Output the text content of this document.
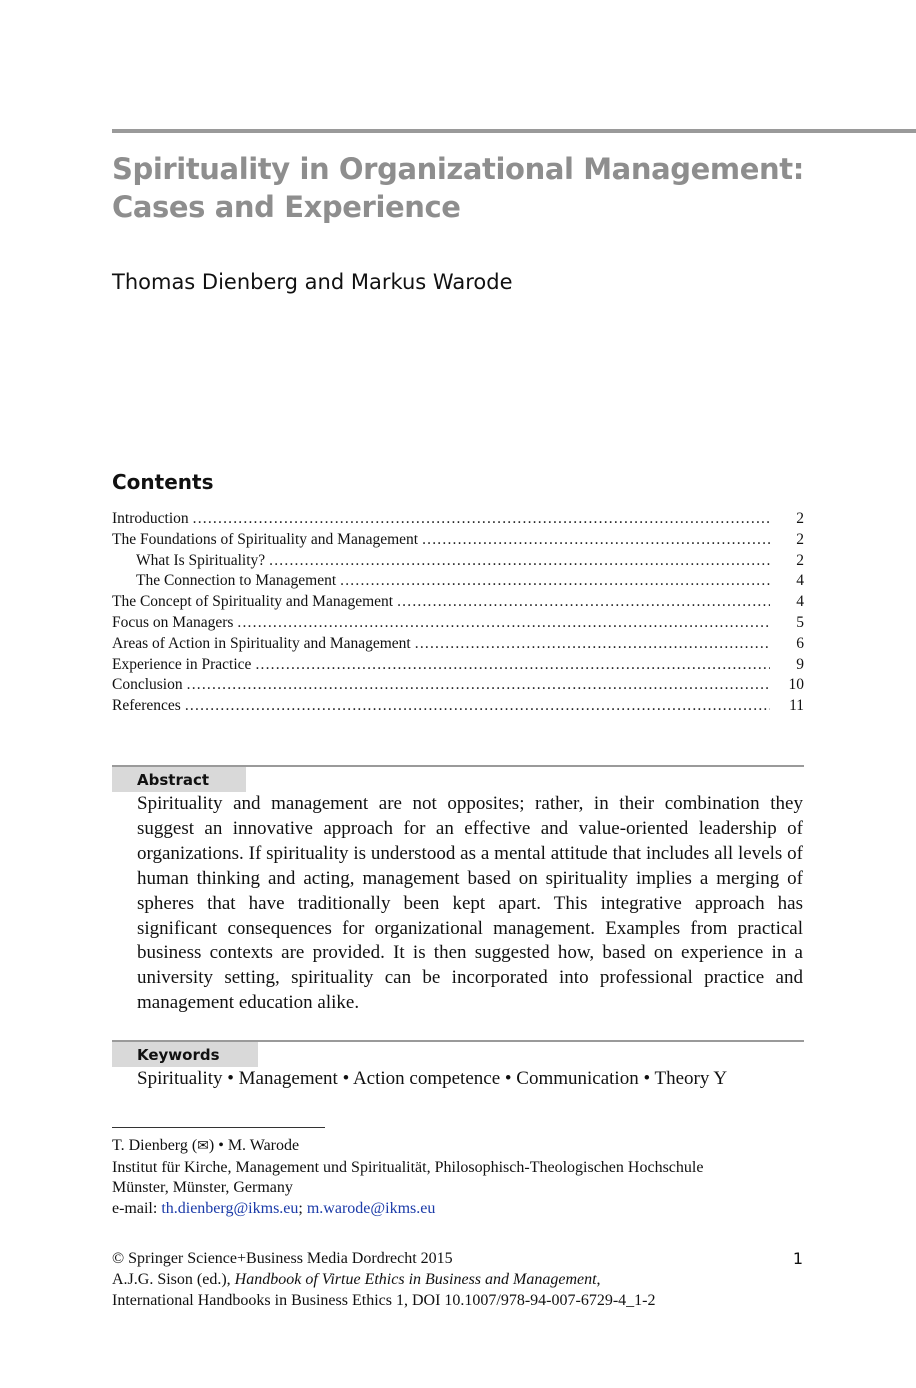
Spirituality in Organizational Management:
Cases and Experience
Thomas Dienberg and Markus Warode
Contents
Introduction .....	2
The Foundations of Spirituality and Management .....	2
What Is Spirituality? .....	2
The Connection to Management .....	4
The Concept of Spirituality and Management .....	4
Focus on Managers .....	5
Areas of Action in Spirituality and Management .....	6
Experience in Practice .....	9
Conclusion .....	10
References .....	11
Abstract
Spirituality and management are not opposites; rather, in their combination they suggest an innovative approach for an effective and value-oriented leadership of organizations. If spirituality is understood as a mental attitude that includes all levels of human thinking and acting, management based on spirituality implies a merging of spheres that have traditionally been kept apart. This integrative approach has significant consequences for organizational management. Examples from practical business contexts are provided. It is then suggested how, based on experience in a university setting, spirituality can be incorporated into professional practice and management education alike.
Keywords
Spirituality • Management • Action competence • Communication • Theory Y
T. Dienberg (✉) • M. Warode
Institut für Kirche, Management und Spiritualität, Philosophisch-Theologischen Hochschule
Münster, Münster, Germany
e-mail: th.dienberg@ikms.eu; m.warode@ikms.eu
© Springer Science+Business Media Dordrecht 2015
A.J.G. Sison (ed.), Handbook of Virtue Ethics in Business and Management,
International Handbooks in Business Ethics 1, DOI 10.1007/978-94-007-6729-4_1-2
1
